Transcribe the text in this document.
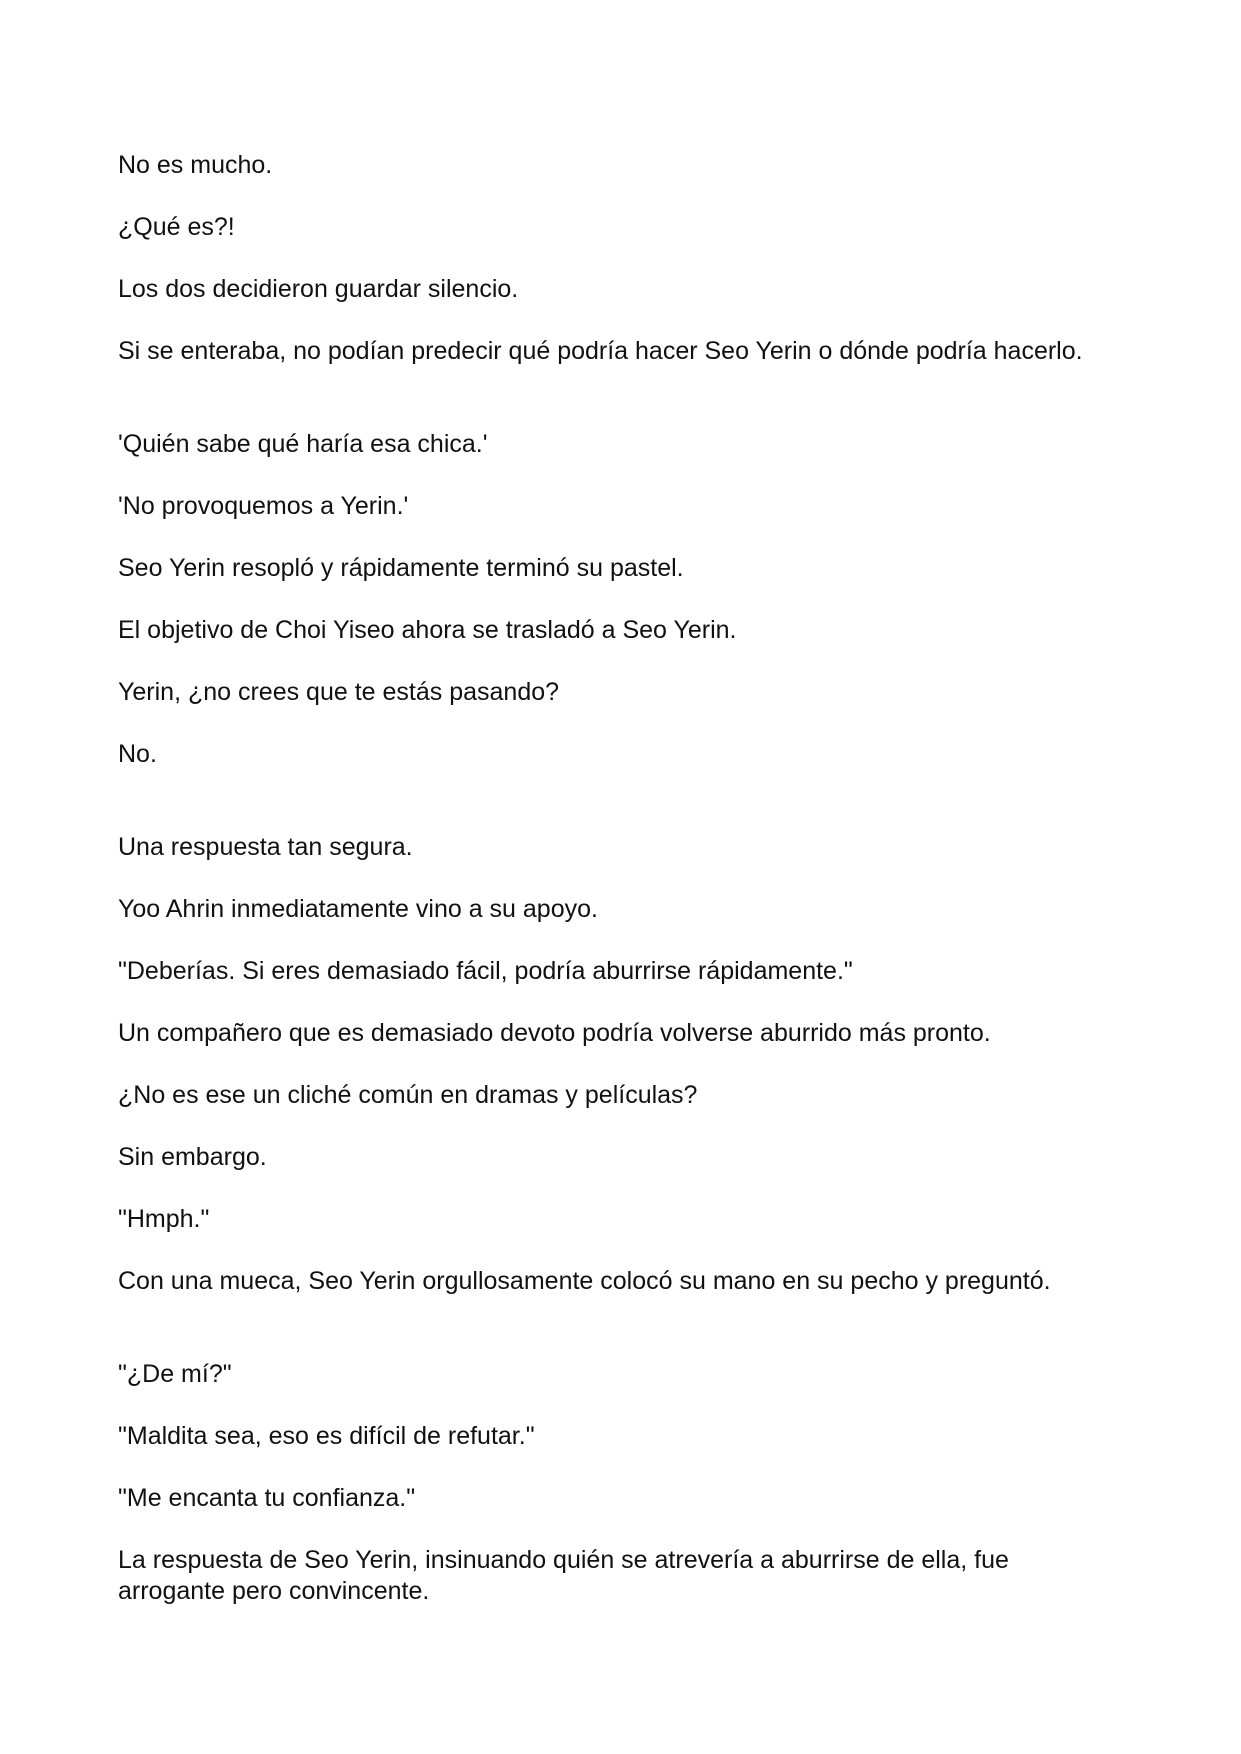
No es mucho.

¿Qué es?!

Los dos decidieron guardar silencio.

Si se enteraba, no podían predecir qué podría hacer Seo Yerin o dónde podría hacerlo.

'Quién sabe qué haría esa chica.'

'No provoquemos a Yerin.'

Seo Yerin resopló y rápidamente terminó su pastel.

El objetivo de Choi Yiseo ahora se trasladó a Seo Yerin.

Yerin, ¿no crees que te estás pasando?

No.

Una respuesta tan segura.

Yoo Ahrin inmediatamente vino a su apoyo.

"Deberías. Si eres demasiado fácil, podría aburrirse rápidamente."

Un compañero que es demasiado devoto podría volverse aburrido más pronto.

¿No es ese un cliché común en dramas y películas?

Sin embargo.

"Hmph."

Con una mueca, Seo Yerin orgullosamente colocó su mano en su pecho y preguntó.

"¿De mí?"

"Maldita sea, eso es difícil de refutar."

"Me encanta tu confianza."

La respuesta de Seo Yerin, insinuando quién se atrevería a aburrirse de ella, fue arrogante pero convincente.
